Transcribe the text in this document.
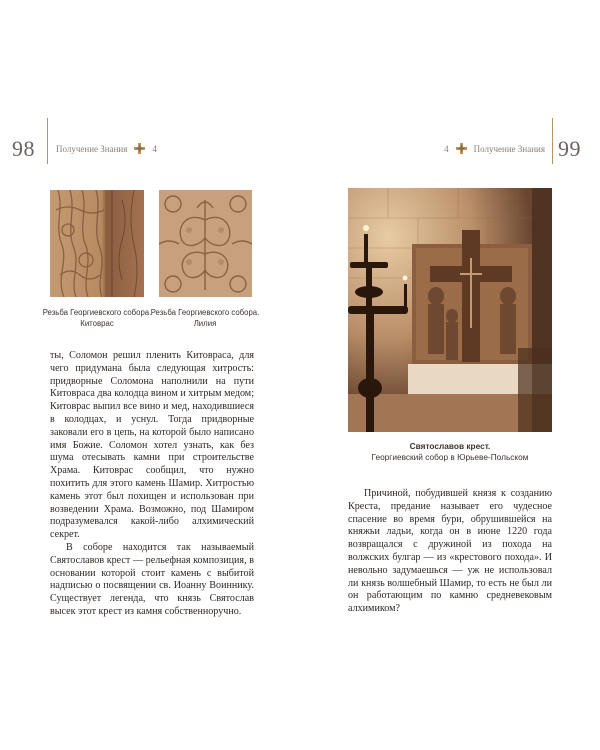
98 Получение Знания	4	4	Получение Знания 99
Резьба Георгиевского собора. Китоврас
Резьба Георгиевского собора. Лилия

ты, Соломон решил пленить Китовраса, для чего придумана была следующая хитрость: придворные Соломона наполнили на пути Китовраса два колодца вином и хитрым медом; Китоврас выпил все вино и мед, находившиеся в колодцах, и уснул. Тогда придворные заковали его в цепь, на которой было написано имя Божие. Соломон хотел узнать, как без шума отесывать камни при строительстве Храма. Китоврас сообщил, что нужно похитить для этого камень Шамир. Хитростью камень этот был похищен и использован при возведении Храма. Возможно, под Шамиром подразумевался какой-либо алхимический секрет.

В соборе находится так называемый Святославов крест — рельефная композиция, в основании которой стоит камень с выбитой надписью о посвящении св. Иоанну Воиннику. Существует легенда, что князь Святослав высек этот крест из камня собственноручно.

Святославов крест.
Георгиевский собор в Юрьеве-Польском

Причиной, побудившей князя к созданию Креста, предание называет его чудесное спасение во время бури, обрушившейся на княжьи ладьи, когда он в июне 1220 года возвращался с дружиной из похода на волжских булгар — из «крестового похода». И невольно задумаешься — уж не использовал ли князь волшебный Шамир, то есть не был ли он работающим по камню средневековым алхимиком?
